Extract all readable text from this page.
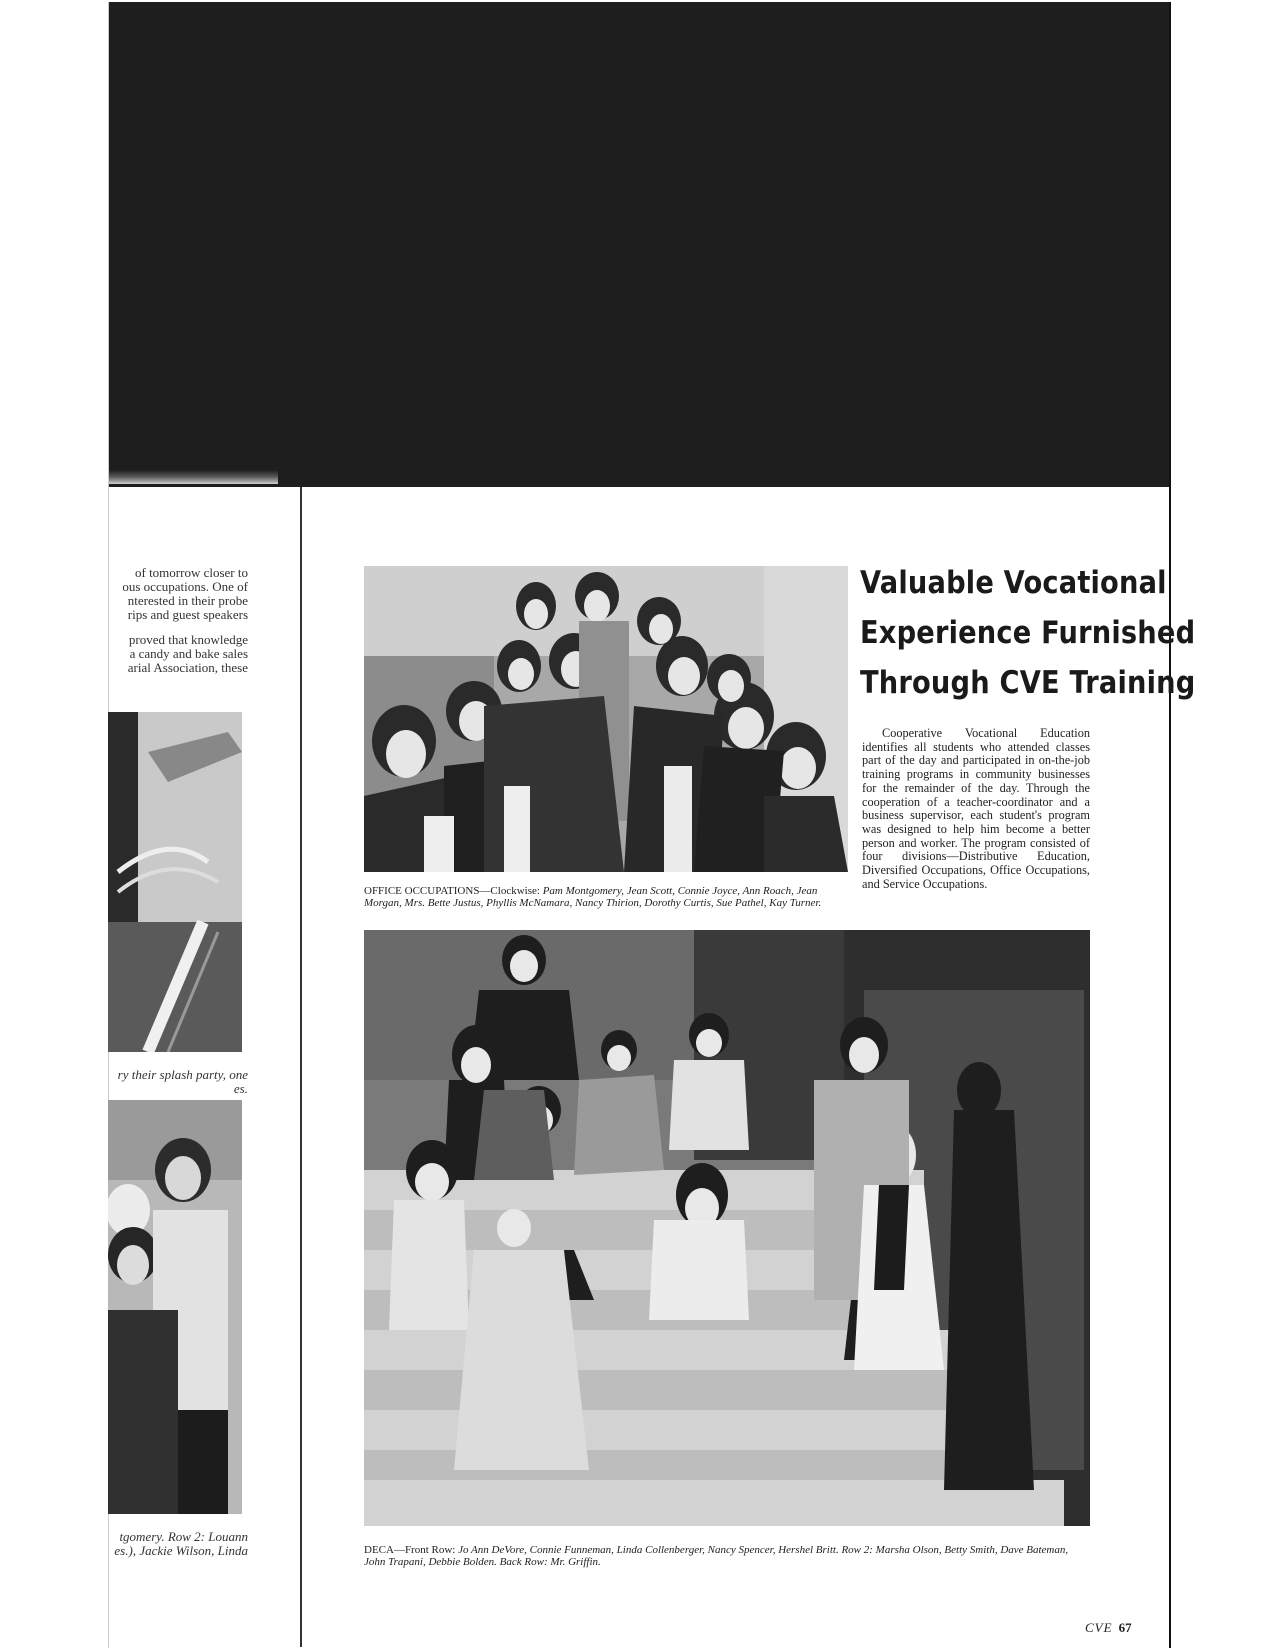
of tomorrow closer to
ous occupations. One of
nterested in their probe
rips and guest speakers
proved that knowledge
a candy and bake sales
arial Association, these
ry their splash party, one
es.
tgomery. Row 2: Louann
es.), Jackie Wilson, Linda
OFFICE OCCUPATIONS—Clockwise: Pam Montgomery, Jean Scott, Connie Joyce, Ann Roach, Jean Morgan, Mrs. Bette Justus, Phyllis McNamara, Nancy Thirion, Dorothy Curtis, Sue Pathel, Kay Turner.
Valuable Vocational
Experience Furnished
Through CVE Training
Cooperative Vocational Education identifies all students who attended classes part of the day and participated in on-the-job training programs in community businesses for the remainder of the day. Through the cooperation of a teacher-coordinator and a business supervisor, each student's program was designed to help him become a better person and worker. The program consisted of four divisions—Distributive Education, Diversified Occupations, Office Occupations, and Service Occupations.
DECA—Front Row: Jo Ann DeVore, Connie Funneman, Linda Collenberger, Nancy Spencer, Hershel Britt. Row 2: Marsha Olson, Betty Smith, Dave Bateman, John Trapani, Debbie Bolden. Back Row: Mr. Griffin.
CVE 67
